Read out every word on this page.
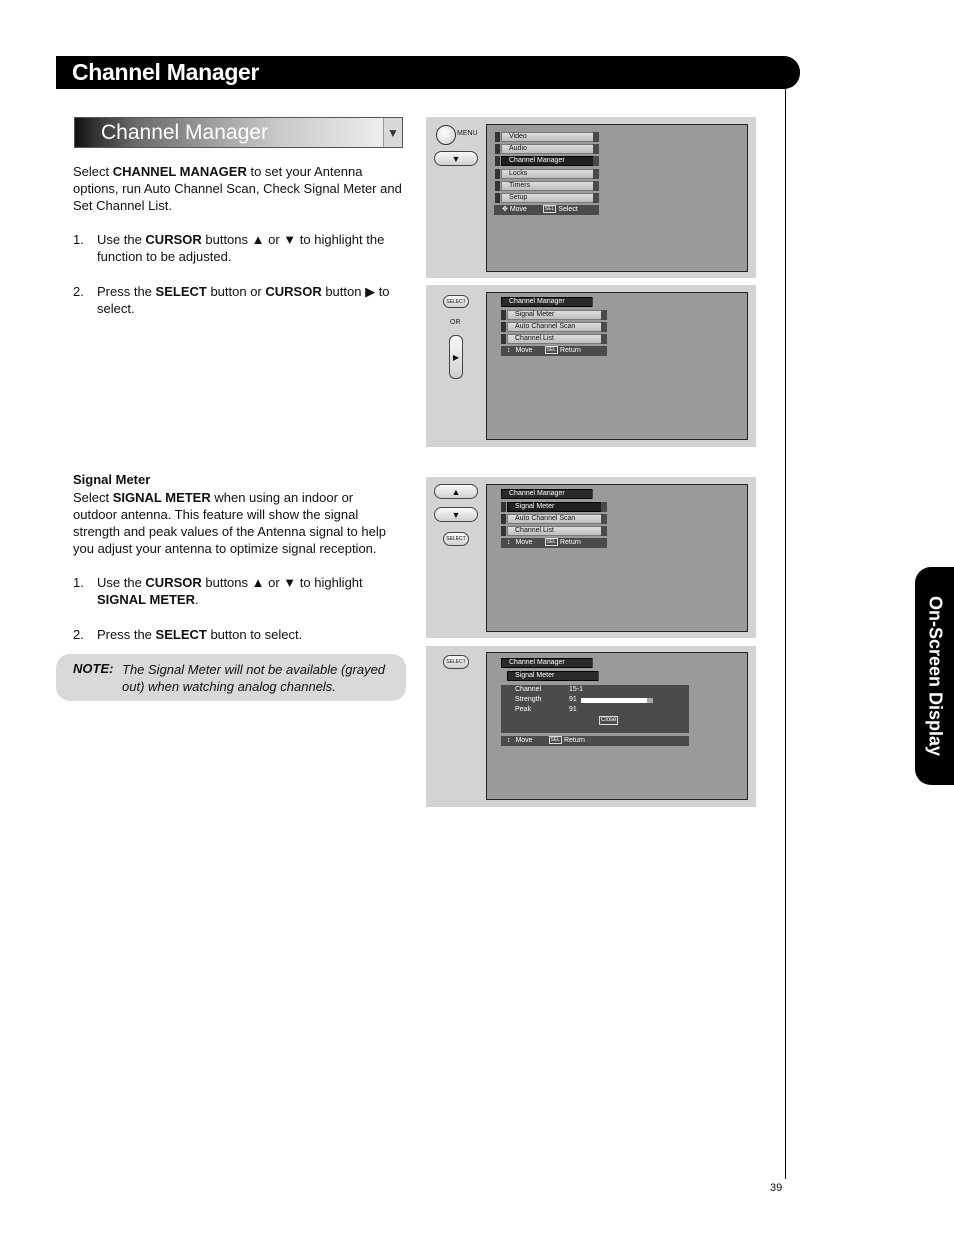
Channel Manager
Channel Manager	▼
Select CHANNEL MANAGER to set your Antenna options, run Auto Channel Scan, Check Signal Meter and Set Channel List.
1. Use the CURSOR buttons ▲ or ▼ to highlight the function to be adjusted.
2. Press the SELECT button or CURSOR button ▶ to select.
Signal Meter
Select SIGNAL METER when using an indoor or outdoor antenna. This feature will show the signal strength and peak values of the Antenna signal to help you adjust your antenna to optimize signal reception.
1. Use the CURSOR buttons ▲ or ▼ to highlight
SIGNAL METER.
2. Press the SELECT button to select.
NOTE: The Signal Meter will not be available (grayed out) when watching analog channels.
MENU
▼
Video
Audio
Channel Manager
Locks
Timers
Setup
✥ Move	SEL Select
SELECT
OR
▶
Channel Manager
Signal Meter
Auto Channel Scan
Channel List
↕ Move	SEL Return
▲
▼
SELECT
Channel Manager
Signal Meter
Auto Channel Scan
Channel List
↕ Move	SEL Return
SELECT	Channel Manager
Signal Meter
Channel	15-1
Strength	91
Peak	91
Close
↕ Move	SEL Return	On-Screen Display
39
